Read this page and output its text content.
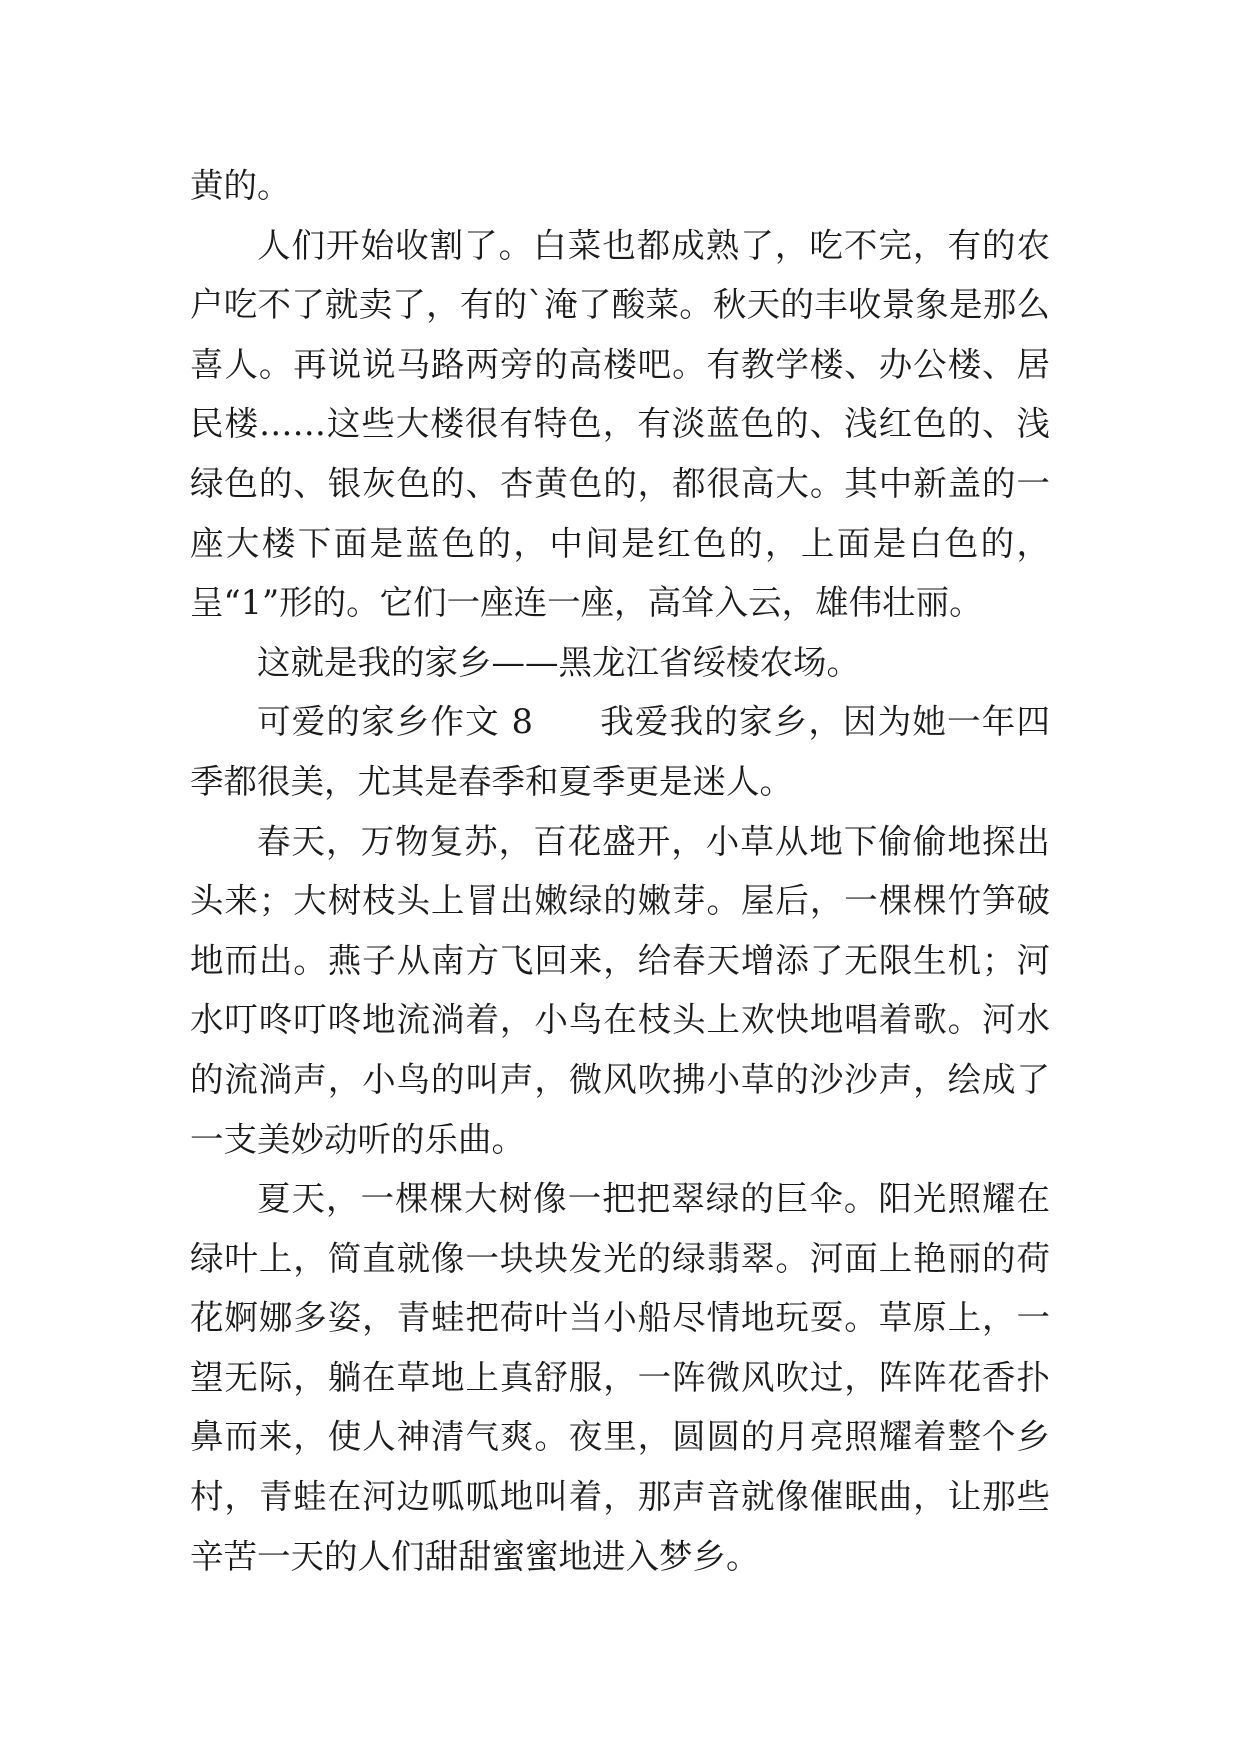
黄的。

人们开始收割了。白菜也都成熟了，吃不完，有的农户吃不了就卖了，有的`淹了酸菜。秋天的丰收景象是那么喜人。再说说马路两旁的高楼吧。有教学楼、办公楼、居民楼……这些大楼很有特色，有淡蓝色的、浅红色的、浅绿色的、银灰色的、杏黄色的，都很高大。其中新盖的一座大楼下面是蓝色的，中间是红色的，上面是白色的，呈“1”形的。它们一座连一座，高耸入云，雄伟壮丽。

这就是我的家乡——黑龙江省绥棱农场。

可爱的家乡作文 8 我爱我的家乡，因为她一年四季都很美，尤其是春季和夏季更是迷人。

春天，万物复苏，百花盛开，小草从地下偷偷地探出头来；大树枝头上冒出嫩绿的嫩芽。屋后，一棵棵竹笋破地而出。燕子从南方飞回来，给春天增添了无限生机；河水叮咚叮咚地流淌着，小鸟在枝头上欢快地唱着歌。河水的流淌声，小鸟的叫声，微风吹拂小草的沙沙声，绘成了一支美妙动听的乐曲。

夏天，一棵棵大树像一把把翠绿的巨伞。阳光照耀在绿叶上，简直就像一块块发光的绿翡翠。河面上艳丽的荷花婀娜多姿，青蛙把荷叶当小船尽情地玩耍。草原上，一望无际，躺在草地上真舒服，一阵微风吹过，阵阵花香扑鼻而来，使人神清气爽。夜里，圆圆的月亮照耀着整个乡村，青蛙在河边呱呱地叫着，那声音就像催眠曲，让那些辛苦一天的人们甜甜蜜蜜地进入梦乡。
